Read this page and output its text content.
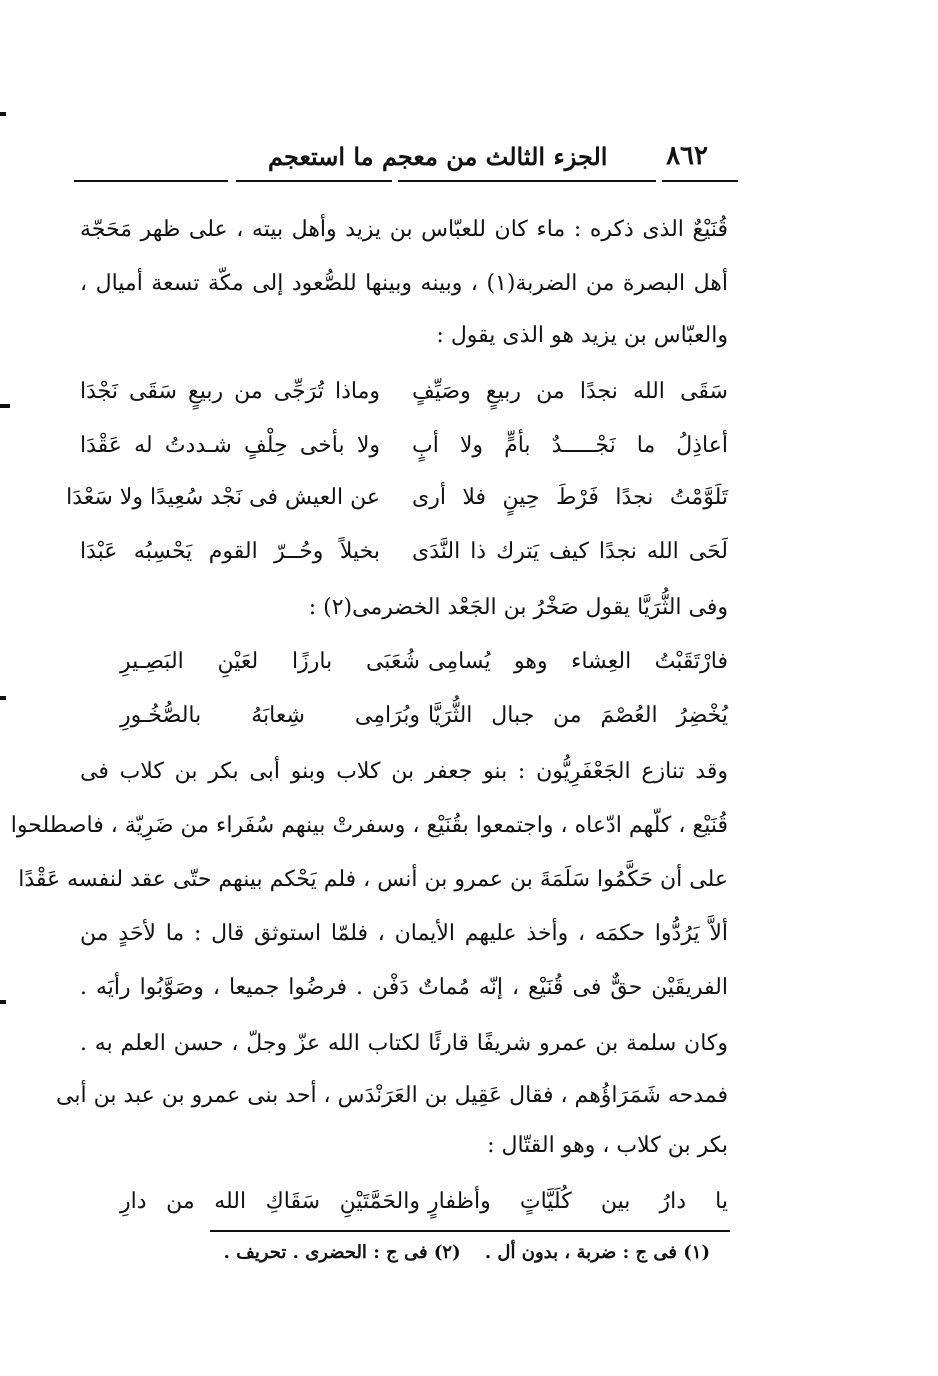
٨٦٢
الجزء الثالث من معجم ما استعجم
قُنَيْعٌ الذى ذكره : ماء كان للعبّاس بن يزيد وأهل بيته ، على ظهر مَحَجّة
أهل البصرة من الضربة(١) ، وبينه وبينها للصُّعود إلى مكّة تسعة أميال ،
والعبّاس بن يزيد هو الذى يقول :
سَقَى الله نجدًا من ربيعٍ وصَيِّفٍ
وماذا تُرَجِّى من ربيعٍ سَقَى نَجْدَا
أعاذِلُ ما نَجْـــــدٌ بأمٍّ ولا أبٍ
ولا بأخى حِلْفٍ شـددتُ له عَقْدَا
تَلَوَّمْتُ نجدًا فَرْطَ حِينٍ فلا أرى
عن العيش فى نَجْد سُعِيدًا ولا سَعْدَا
لَحَى الله نجدًا كيف يَترك ذا النَّدَى
بخيلاً وحُــرّ القوم يَحْسِبُه عَبْدَا
وفى الثُّرَيَّا يقول صَخْرُ بن الجَعْد الخضرمى(٢) :
فارْتَقَبْتُ العِشاء وهو يُسامِى
شُعَبَى بارزًا لعَيْنِ البَصِـيرِ
يُخْضِرُ العُصْمَ من جبال الثُّرَيَّا
وبُرَامِى شِعابَهُ بالصُّخُـورِ
وقد تنازع الجَعْفَرِيُّون : بنو جعفر بن كلاب وبنو أبى بكر بن كلاب فى
قُنَيْع ، كلّهم ادّعاه ، واجتمعوا بقُنَيْع ، وسفرتْ بينهم سُفَراء من ضَرِيّة ، فاصطلحوا
على أن حَكَّمُوا سَلَمَةَ بن عمرو بن أنس ، فلم يَحْكم بينهم حتّى عقد لنفسه عَقْدًا
ألاَّ يَرُدُّوا حكمَه ، وأخذ عليهم الأيمان ، فلمّا استوثق قال : ما لأحَدٍ من
الفريقَيْن حقٌّ فى قُنَيْع ، إنّه مُماتٌ دَفْن . فرضُوا جميعا ، وصَوَّبُوا رأيَه .
وكان سلمة بن عمرو شريفًا قارئًا لكتاب الله عزّ وجلّ ، حسن العلم به .
فمدحه شَمَرَاؤُهم ، فقال عَقِيل بن العَرَنْدَس ، أحد بنى عمرو بن عبد بن أبى
بكر بن كلاب ، وهو القتّال :
يا دارُ بين كُلَيَّاتٍ وأظفارٍ
والحَمَّتَيْنِ سَقَاكِ الله من دارِ
(١) فى ج : ضربة ، بدون أل . (٢) فى ج : الحضرى . تحريف .
